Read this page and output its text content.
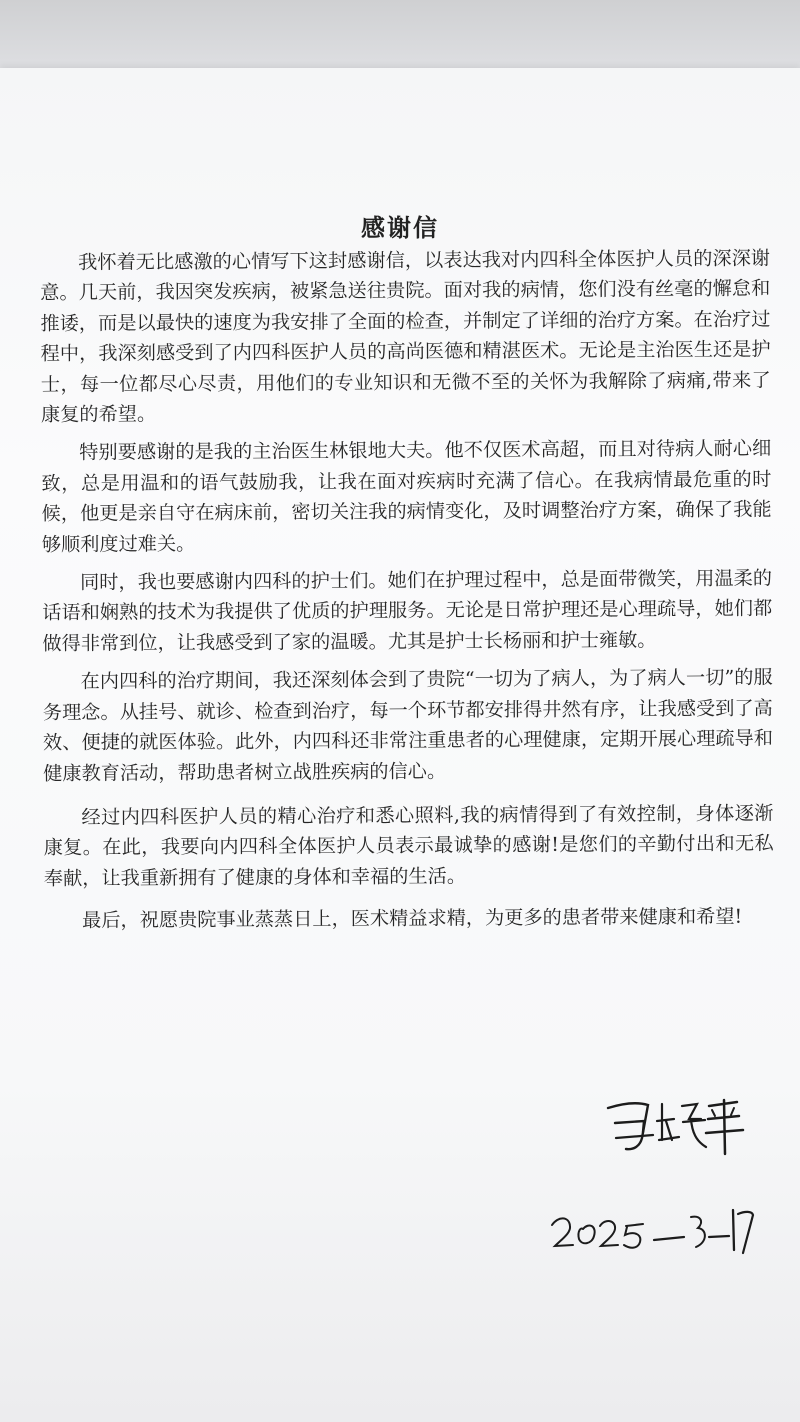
感谢信

我怀着无比感激的心情写下这封感谢信，以表达我对内四科全体医护人员的深深谢意。几天前，我因突发疾病，被紧急送往贵院。面对我的病情，您们没有丝毫的懈怠和推诿，而是以最快的速度为我安排了全面的检查，并制定了详细的治疗方案。在治疗过程中，我深刻感受到了内四科医护人员的高尚医德和精湛医术。无论是主治医生还是护士，每一位都尽心尽责，用他们的专业知识和无微不至的关怀为我解除了病痛,带来了康复的希望。

特别要感谢的是我的主治医生林银地大夫。他不仅医术高超，而且对待病人耐心细致，总是用温和的语气鼓励我，让我在面对疾病时充满了信心。在我病情最危重的时候，他更是亲自守在病床前，密切关注我的病情变化，及时调整治疗方案，确保了我能够顺利度过难关。

同时，我也要感谢内四科的护士们。她们在护理过程中，总是面带微笑，用温柔的话语和娴熟的技术为我提供了优质的护理服务。无论是日常护理还是心理疏导，她们都做得非常到位，让我感受到了家的温暖。尤其是护士长杨丽和护士雍敏。

在内四科的治疗期间，我还深刻体会到了贵院“一切为了病人，为了病人一切”的服务理念。从挂号、就诊、检查到治疗，每一个环节都安排得井然有序，让我感受到了高效、便捷的就医体验。此外，内四科还非常注重患者的心理健康，定期开展心理疏导和健康教育活动，帮助患者树立战胜疾病的信心。

经过内四科医护人员的精心治疗和悉心照料,我的病情得到了有效控制，身体逐渐康复。在此，我要向内四科全体医护人员表示最诚挚的感谢!是您们的辛勤付出和无私奉献，让我重新拥有了健康的身体和幸福的生活。

最后，祝愿贵院事业蒸蒸日上，医术精益求精，为更多的患者带来健康和希望!
